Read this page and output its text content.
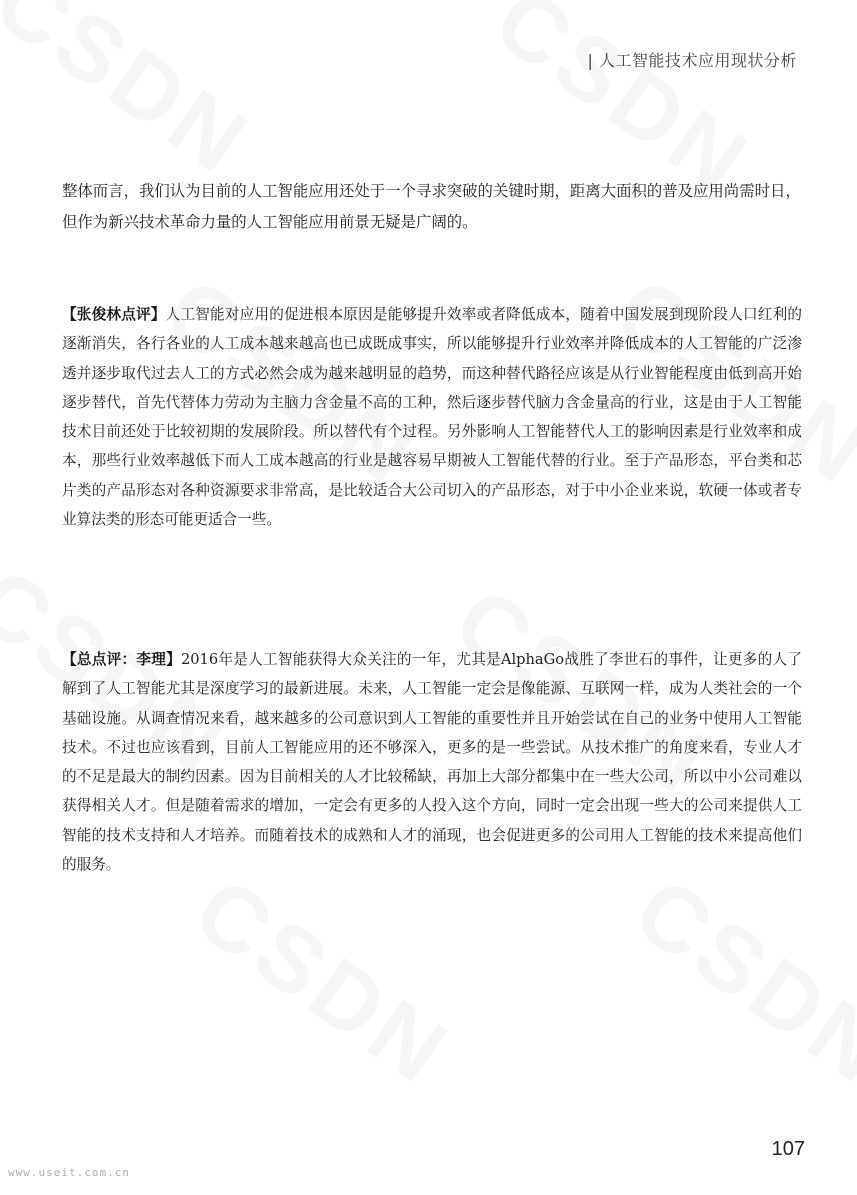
| 人工智能技术应用现状分析

整体而言，我们认为目前的人工智能应用还处于一个寻求突破的关键时期，距离大面积的普及应用尚需时日，但作为新兴技术革命力量的人工智能应用前景无疑是广阔的。

【张俊林点评】人工智能对应用的促进根本原因是能够提升效率或者降低成本，随着中国发展到现阶段人口红利的逐渐消失，各行各业的人工成本越来越高也已成既成事实，所以能够提升行业效率并降低成本的人工智能的广泛渗透并逐步取代过去人工的方式必然会成为越来越明显的趋势，而这种替代路径应该是从行业智能程度由低到高开始逐步替代，首先代替体力劳动为主脑力含金量不高的工种，然后逐步替代脑力含金量高的行业，这是由于人工智能技术目前还处于比较初期的发展阶段。所以替代有个过程。另外影响人工智能替代人工的影响因素是行业效率和成本，那些行业效率越低下而人工成本越高的行业是越容易早期被人工智能代替的行业。至于产品形态，平台类和芯片类的产品形态对各种资源要求非常高，是比较适合大公司切入的产品形态，对于中小企业来说，软硬一体或者专业算法类的形态可能更适合一些。

【总点评：李理】2016年是人工智能获得大众关注的一年，尤其是AlphaGo战胜了李世石的事件，让更多的人了解到了人工智能尤其是深度学习的最新进展。未来，人工智能一定会是像能源、互联网一样，成为人类社会的一个基础设施。从调查情况来看，越来越多的公司意识到人工智能的重要性并且开始尝试在自己的业务中使用人工智能技术。不过也应该看到，目前人工智能应用的还不够深入，更多的是一些尝试。从技术推广的角度来看，专业人才的不足是最大的制约因素。因为目前相关的人才比较稀缺，再加上大部分都集中在一些大公司，所以中小公司难以获得相关人才。但是随着需求的增加，一定会有更多的人投入这个方向，同时一定会出现一些大的公司来提供人工智能的技术支持和人才培养。而随着技术的成熟和人才的涌现，也会促进更多的公司用人工智能的技术来提高他们的服务。

107
www.useit.com.cn
